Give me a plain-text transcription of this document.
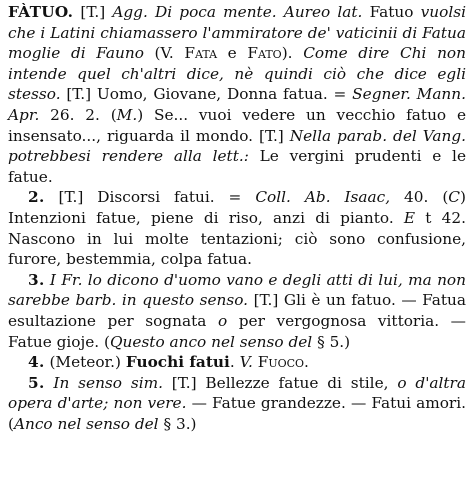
FÀTUO. [T.] Agg. Di poca mente. Aureo lat. Fatuo vuolsi che i Latini chiamassero l'ammiratore de' vaticinii di Fatua moglie di Fauno (V. Fata e Fato). Come dire Chi non intende quel ch'altri dice, nè quindi ciò che dice egli stesso. [T.] Uomo, Giovane, Donna fatua. = Segner. Mann. Apr. 26. 2. (M.) Se... vuoi vedere un vecchio fatuo e insensato..., riguarda il mondo. [T.] Nella parab. del Vang. potrebbesi rendere alla lett.: Le vergini prudenti e le fatue.

2. [T.] Discorsi fatui. = Coll. Ab. Isaac, 40. (C) Intenzioni fatue, piene di riso, anzi di pianto. E t 42. Nascono in lui molte tentazioni; ciò sono confusione, furore, bestemmia, colpa fatua.

3. I Fr. lo dicono d'uomo vano e degli atti di lui, ma non sarebbe barb. in questo senso. [T.] Gli è un fatuo. — Fatua esultazione per sognata o per vergognosa vittoria. — Fatue gioje. (Questo anco nel senso del § 5.)

4. (Meteor.) Fuochi fatui. V. Fuoco.

5. In senso sim. [T.] Bellezze fatue di stile, o d'altra opera d'arte; non vere. — Fatue grandezze. — Fatui amori. (Anco nel senso del § 3.)
